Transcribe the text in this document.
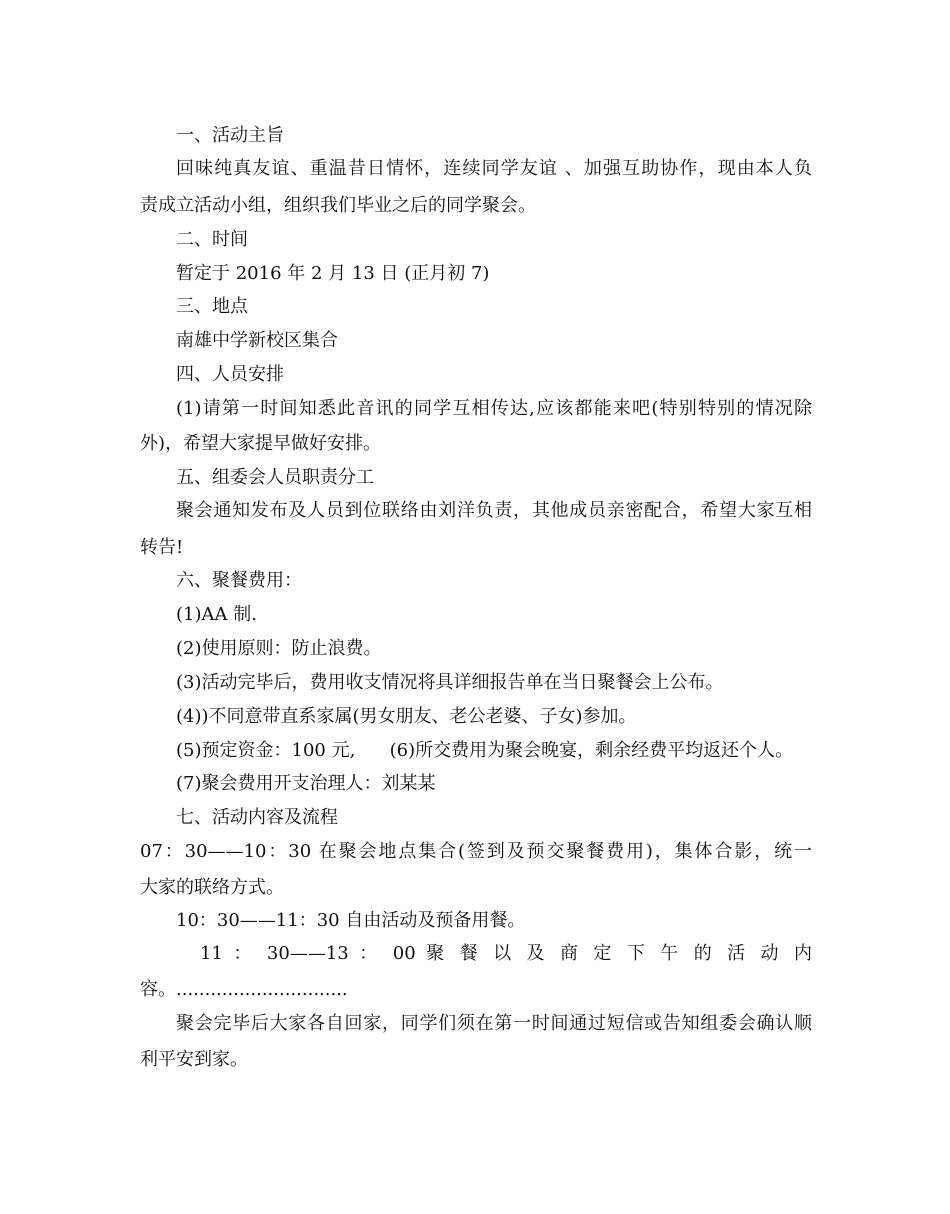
一、活动主旨
回味纯真友谊、重温昔日情怀，连续同学友谊 、加强互助协作，现由本人负
责成立活动小组，组织我们毕业之后的同学聚会。
二、时间
暂定于 2016 年 2 月 13 日 (正月初 7)
三、地点
南雄中学新校区集合
四、人员安排
(1)请第一时间知悉此音讯的同学互相传达,应该都能来吧(特别特别的情况除
外)，希望大家提早做好安排。
五、组委会人员职责分工
聚会通知发布及人员到位联络由刘洋负责，其他成员亲密配合，希望大家互相
转告!
六、聚餐费用：
(1)AA 制.
(2)使用原则：防止浪费。
(3)活动完毕后，费用收支情况将具详细报告单在当日聚餐会上公布。
(4))不同意带直系家属(男女朋友、老公老婆、子女)参加。
(5)预定资金：100 元,      (6)所交费用为聚会晚宴，剩余经费平均返还个人。
(7)聚会费用开支治理人：刘某某
七、活动内容及流程
07：30——10：30 在聚会地点集合(签到及预交聚餐费用)，集体合影，统一
大家的联络方式。
10：30——11：30 自由活动及预备用餐。
11 ： 30——13 ： 00 聚 餐 以 及 商 定 下 午 的 活 动 内
容。..............................
聚会完毕后大家各自回家，同学们须在第一时间通过短信或告知组委会确认顺
利平安到家。
